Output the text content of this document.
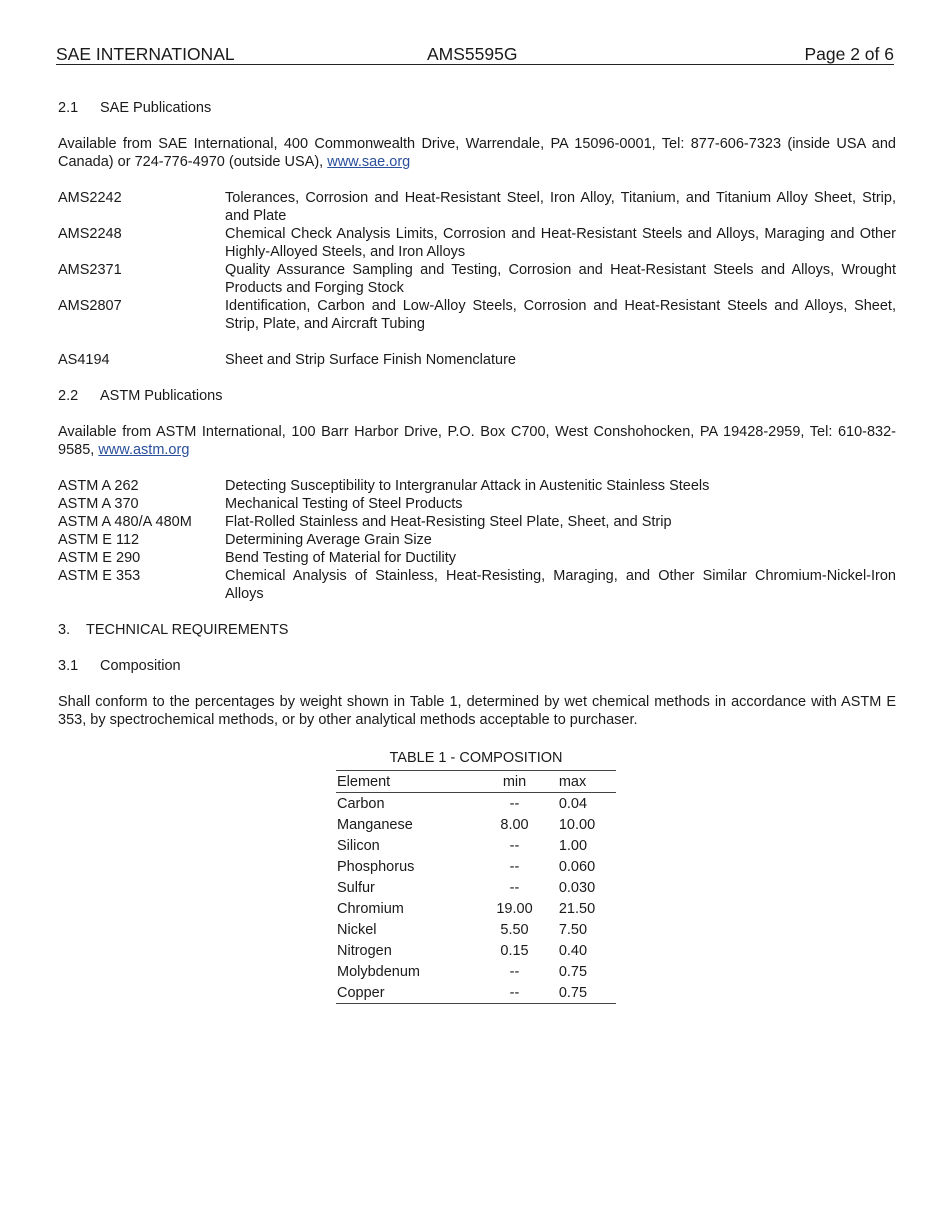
SAE INTERNATIONAL	AMS5595G	Page 2 of 6
2.1 SAE Publications
Available from SAE International, 400 Commonwealth Drive, Warrendale, PA 15096-0001, Tel: 877-606-7323 (inside USA and Canada) or 724-776-4970 (outside USA), www.sae.org
AMS2242	Tolerances, Corrosion and Heat-Resistant Steel, Iron Alloy, Titanium, and Titanium Alloy Sheet, Strip, and Plate
AMS2248	Chemical Check Analysis Limits, Corrosion and Heat-Resistant Steels and Alloys, Maraging and Other Highly-Alloyed Steels, and Iron Alloys
AMS2371	Quality Assurance Sampling and Testing, Corrosion and Heat-Resistant Steels and Alloys, Wrought Products and Forging Stock
AMS2807	Identification, Carbon and Low-Alloy Steels, Corrosion and Heat-Resistant Steels and Alloys, Sheet, Strip, Plate, and Aircraft Tubing
AS4194	Sheet and Strip Surface Finish Nomenclature
2.2 ASTM Publications
Available from ASTM International, 100 Barr Harbor Drive, P.O. Box C700, West Conshohocken, PA 19428-2959, Tel: 610-832-9585, www.astm.org
ASTM A 262	Detecting Susceptibility to Intergranular Attack in Austenitic Stainless Steels
ASTM A 370	Mechanical Testing of Steel Products
ASTM A 480/A 480M	Flat-Rolled Stainless and Heat-Resisting Steel Plate, Sheet, and Strip
ASTM E 112	Determining Average Grain Size
ASTM E 290	Bend Testing of Material for Ductility
ASTM E 353	Chemical Analysis of Stainless, Heat-Resisting, Maraging, and Other Similar Chromium-Nickel-Iron Alloys
3. TECHNICAL REQUIREMENTS
3.1 Composition
Shall conform to the percentages by weight shown in Table 1, determined by wet chemical methods in accordance with ASTM E 353, by spectrochemical methods, or by other analytical methods acceptable to purchaser.
TABLE 1 - COMPOSITION
Element	min	max
Carbon	--	0.04
Manganese	8.00	10.00
Silicon	--	1.00
Phosphorus	--	0.060
Sulfur	--	0.030
Chromium	19.00	21.50
Nickel	5.50	7.50
Nitrogen	0.15	0.40
Molybdenum	--	0.75
Copper	--	0.75
